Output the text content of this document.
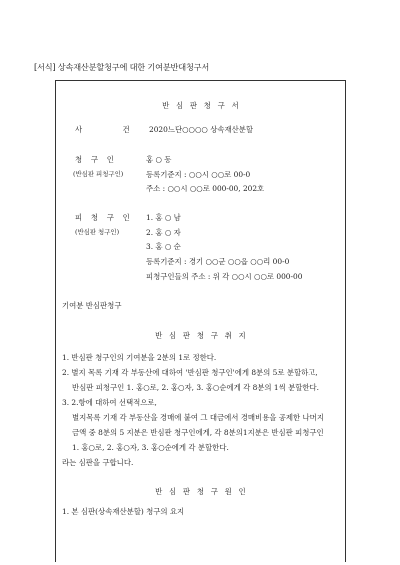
[서식] 상속재산분할청구에 대한 기여분반대청구서
반 심 판 청 구 서
사 건 2020느단○○○○ 상속재산분할
청 구 인
(반심판 피청구인)
홍 ○ 동
등록기준지 : ○○시 ○○로 00-0
주소 : ○○시 ○○로 000-00, 202호
피 청 구 인
(반심판 청구인)
1. 홍 ○ 남
2. 홍 ○ 자
3. 홍 ○ 순
등록기준지 : 경기 ○○군 ○○읍 ○○리 00-0
피청구인들의 주소 : 위 각 ○○시 ○○로 000-00
기여분 반심판청구
반 심 판 청 구 취 지
1. 반심판 청구인의 기여분을 2분의 1로 정한다.
2. 별지 목록 기재 각 부동산에 대하여 '반심판 청구인'에게 8분의 5로 분할하고,
반심판 피청구인 1. 홍○로, 2. 홍○자, 3. 홍○순에게 각 8분의 1씩 분할한다.
3. 2.항에 대하여 선택적으로,
별지목록 기재 각 부동산을 경매에 붙여 그 대금에서 경매비용을 공제한 나머지
금액 중 8분의 5 지분은 반심판 청구인에게, 각 8분의1지분은 반심판 피청구인
1. 홍○로, 2. 홍○자, 3. 홍○순에게 각 분할한다.
라는 심판을 구합니다.
반 심 판 청 구 원 인
1. 본 심판(상속재산분할) 청구의 요지
